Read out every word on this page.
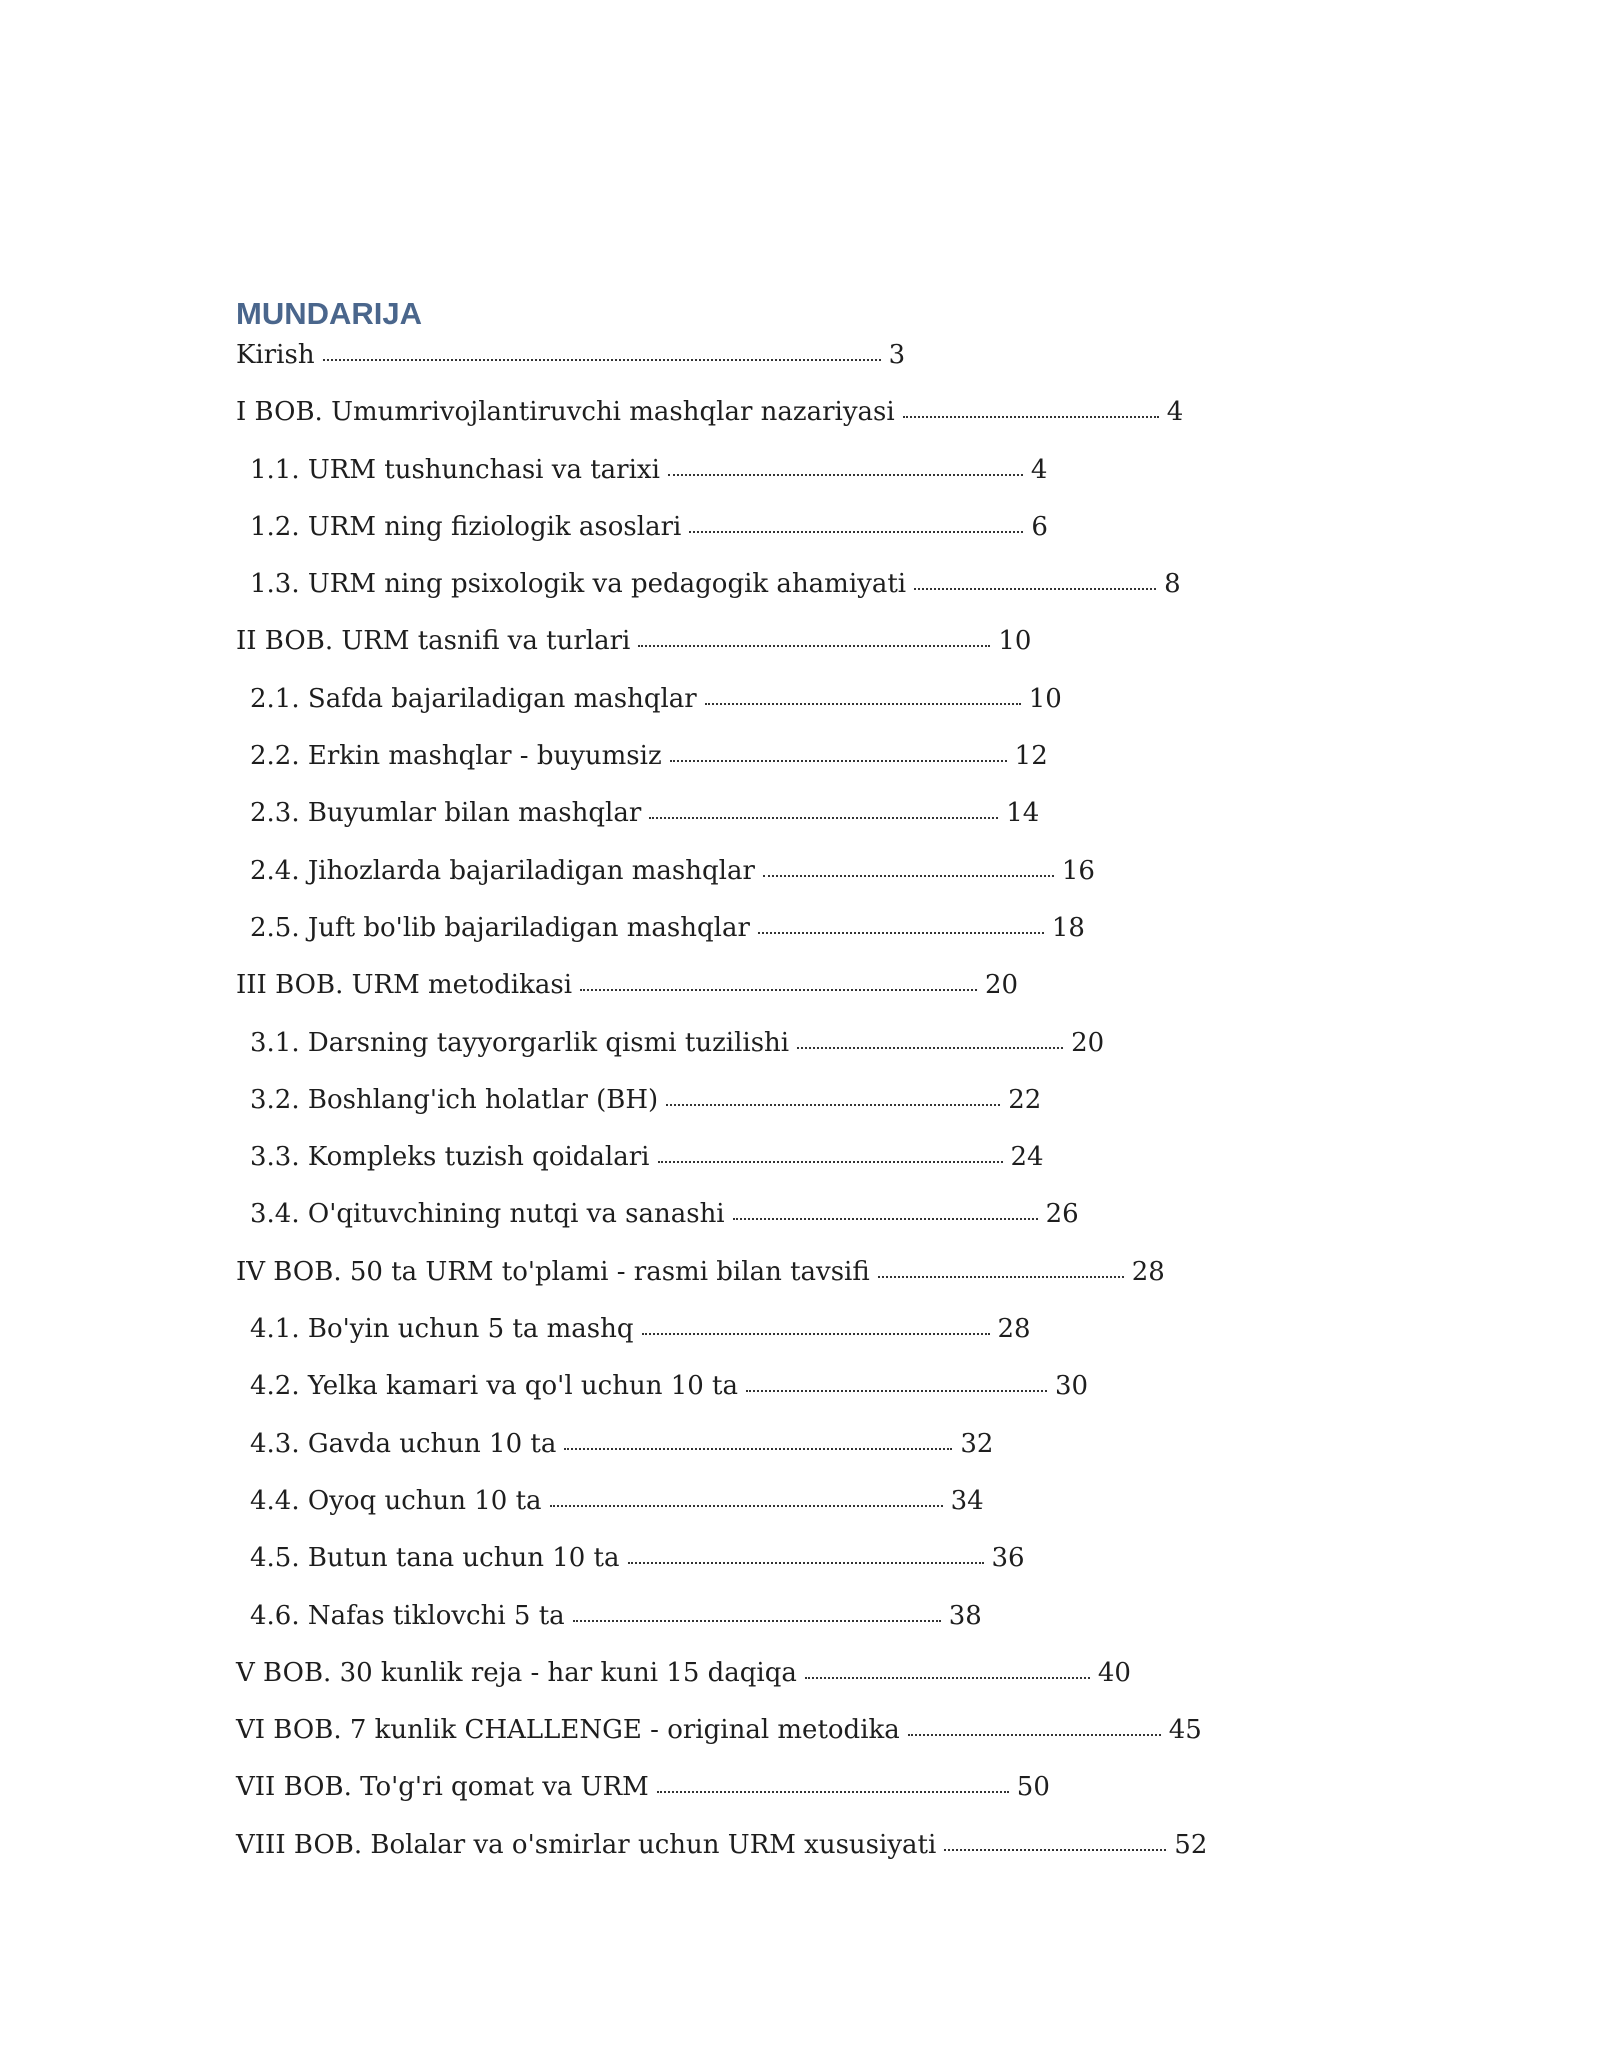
MUNDARIJA
Kirish	3
I BOB. Umumrivojlantiruvchi mashqlar nazariyasi	4
1.1. URM tushunchasi va tarixi	4
1.2. URM ning fiziologik asoslari	6
1.3. URM ning psixologik va pedagogik ahamiyati	8
II BOB. URM tasnifi va turlari	10
2.1. Safda bajariladigan mashqlar	10
2.2. Erkin mashqlar - buyumsiz	12
2.3. Buyumlar bilan mashqlar	14
2.4. Jihozlarda bajariladigan mashqlar	16
2.5. Juft bo'lib bajariladigan mashqlar	18
III BOB. URM metodikasi	20
3.1. Darsning tayyorgarlik qismi tuzilishi	20
3.2. Boshlang'ich holatlar (BH)	22
3.3. Kompleks tuzish qoidalari	24
3.4. O'qituvchining nutqi va sanashi	26
IV BOB. 50 ta URM to'plami - rasmi bilan tavsifi	28
4.1. Bo'yin uchun 5 ta mashq	28
4.2. Yelka kamari va qo'l uchun 10 ta	30
4.3. Gavda uchun 10 ta	32
4.4. Oyoq uchun 10 ta	34
4.5. Butun tana uchun 10 ta	36
4.6. Nafas tiklovchi 5 ta	38
V BOB. 30 kunlik reja - har kuni 15 daqiqa	40
VI BOB. 7 kunlik CHALLENGE - original metodika	45
VII BOB. To'g'ri qomat va URM	50
VIII BOB. Bolalar va o'smirlar uchun URM xususiyati	52
